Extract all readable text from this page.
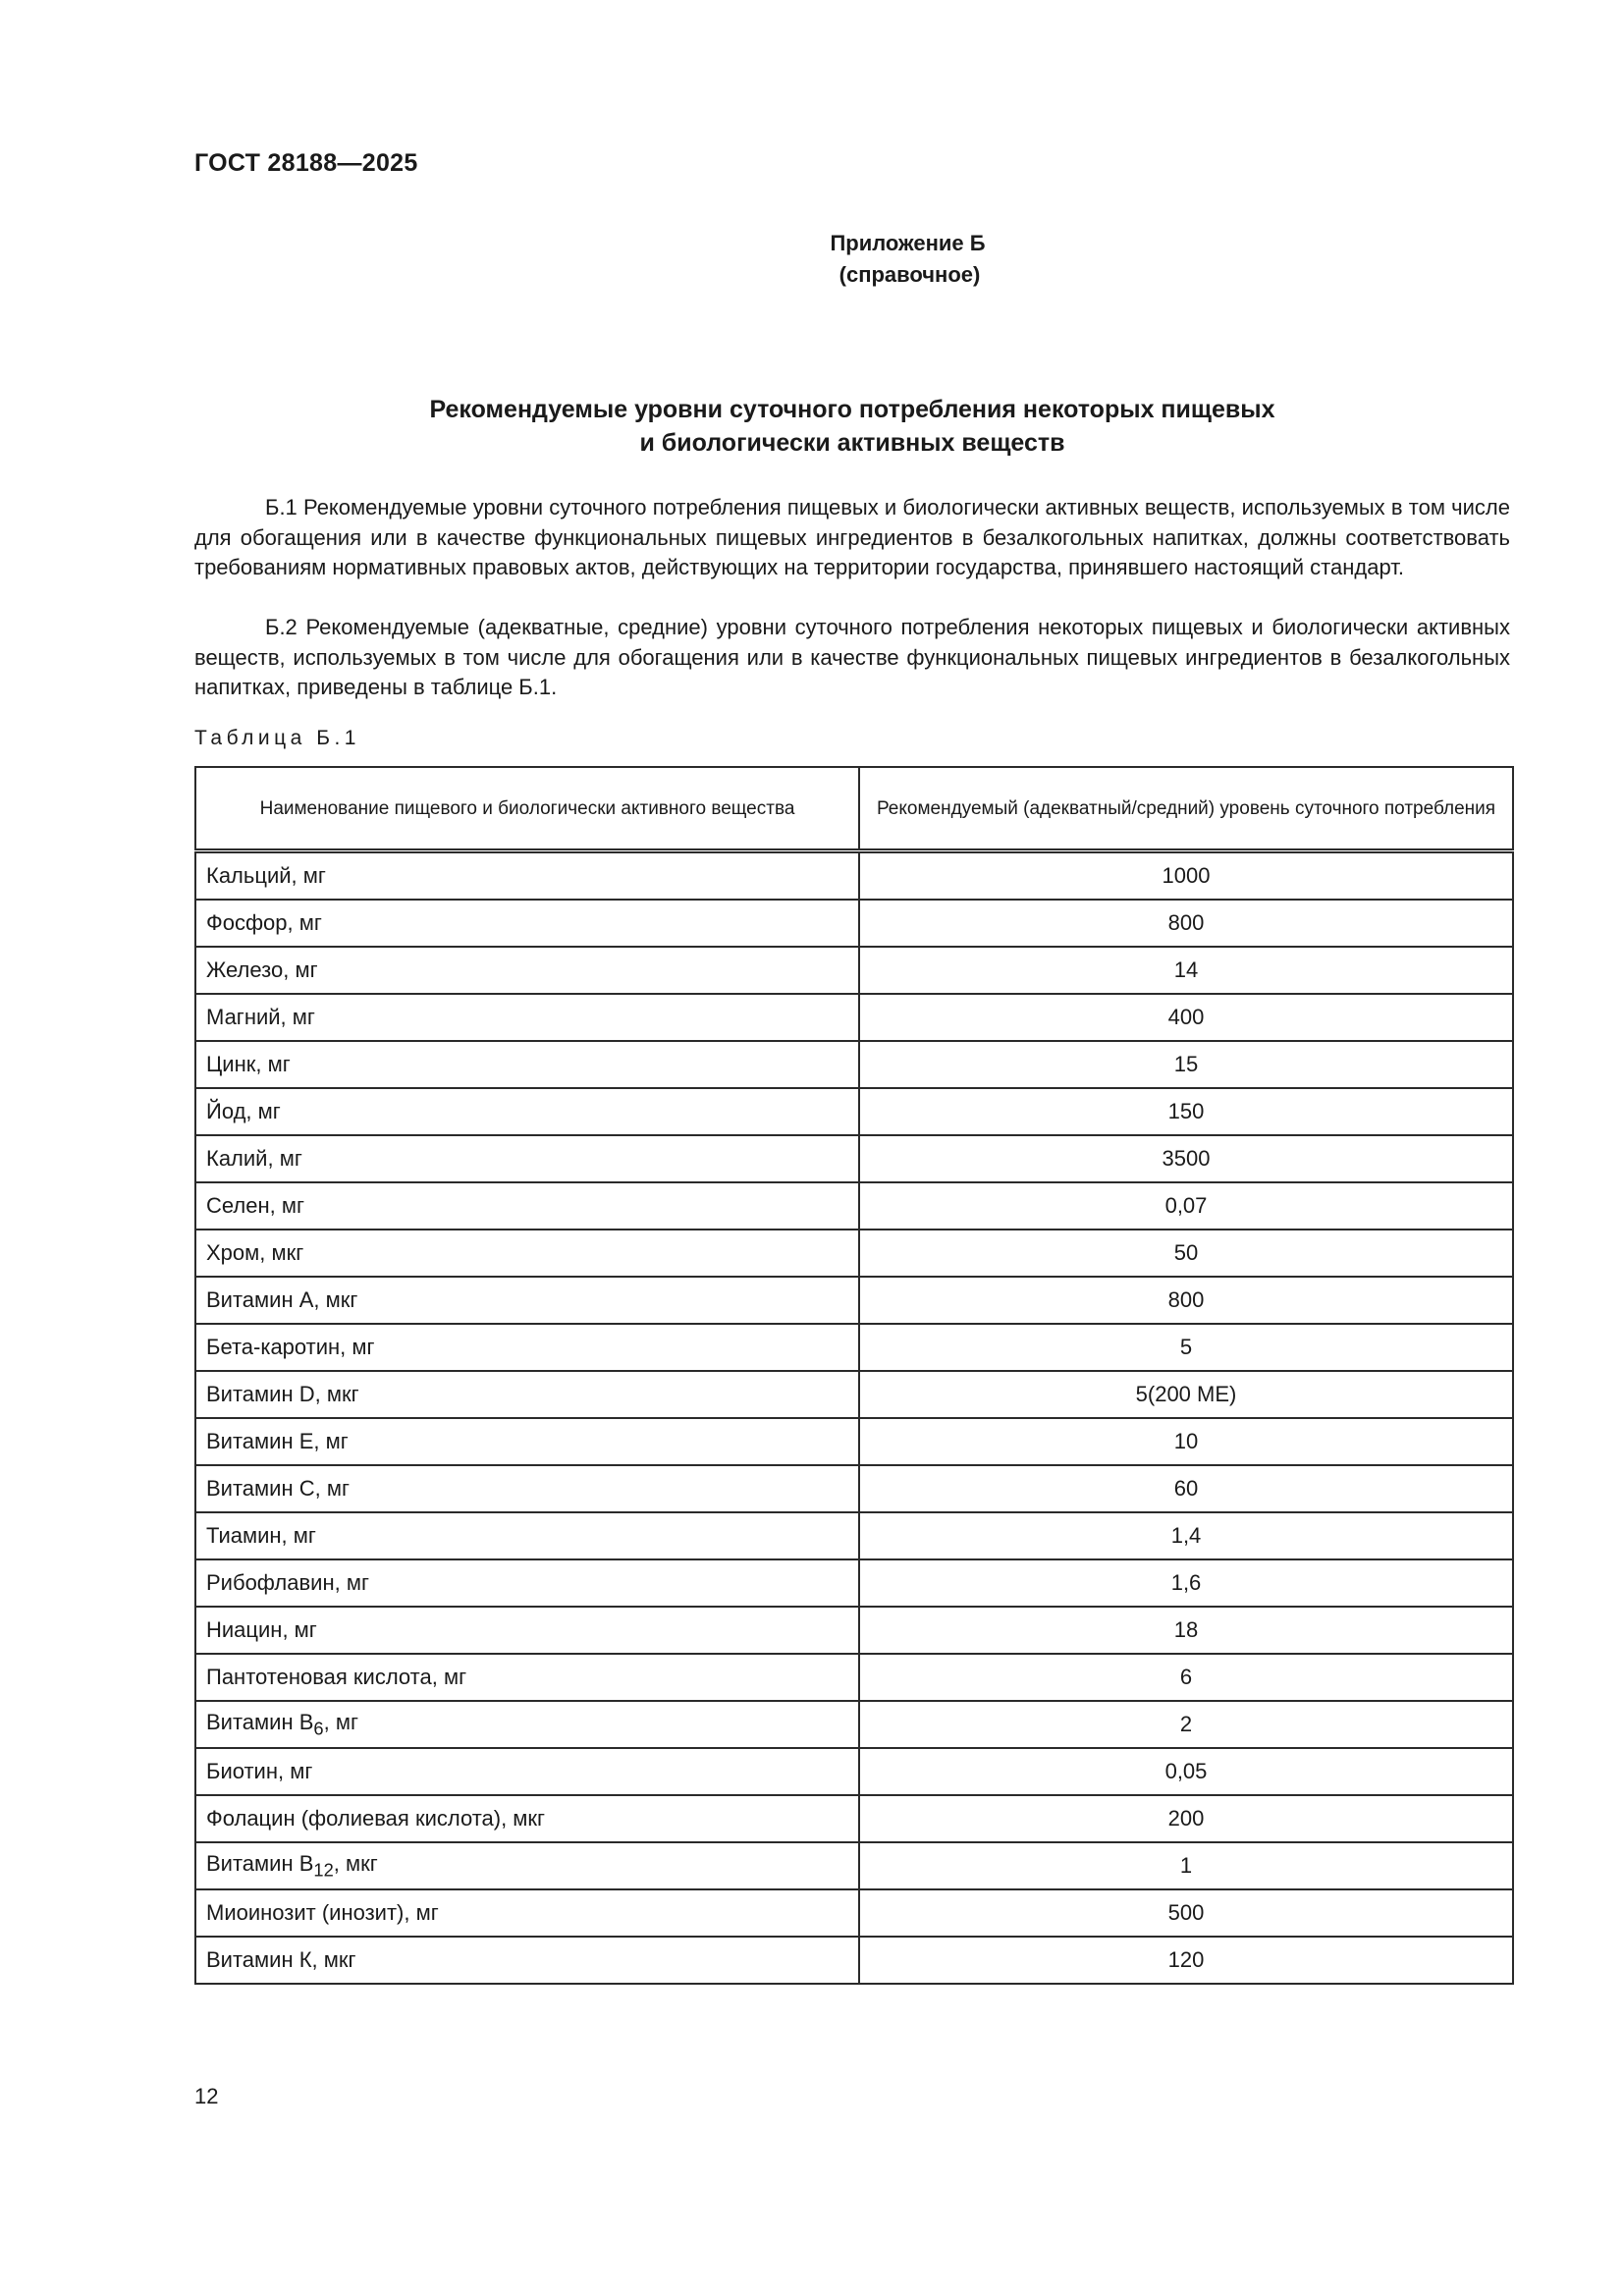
ГОСТ 28188—2025

Приложение Б
(справочное)
Рекомендуемые уровни суточного потребления некоторых пищевых
и биологически активных веществ

Б.1 Рекомендуемые уровни суточного потребления пищевых и биологически активных веществ, используемых в том числе для обогащения или в качестве функциональных пищевых ингредиентов в безалкогольных напитках, должны соответствовать требованиям нормативных правовых актов, действующих на территории государства, принявшего настоящий стандарт.

Б.2 Рекомендуемые (адекватные, средние) уровни суточного потребления некоторых пищевых и биологически активных веществ, используемых в том числе для обогащения или в качестве функциональных пищевых ингредиентов в безалкогольных напитках, приведены в таблице Б.1.

Таблица Б.1

Наименование пищевого и биологически активного вещества	Рекомендуемый (адекватный/средний) уровень суточного потребления
Кальций, мг	1000
Фосфор, мг	800
Железо, мг	14
Магний, мг	400
Цинк, мг	15
Йод, мг	150
Калий, мг	3500
Селен, мг	0,07
Хром, мкг	50
Витамин А, мкг	800
Бета-каротин, мг	5
Витамин D, мкг	5(200 МЕ)
Витамин Е, мг	10
Витамин С, мг	60
Тиамин, мг	1,4
Рибофлавин, мг	1,6
Ниацин, мг	18
Пантотеновая кислота, мг	6
Витамин $В_6$, мг	2
Биотин, мг	0,05
Фолацин (фолиевая кислота), мкг	200
Витамин $В_{12}$, мкг	1
Миоинозит (инозит), мг	500
Витамин К, мкг	120

12
